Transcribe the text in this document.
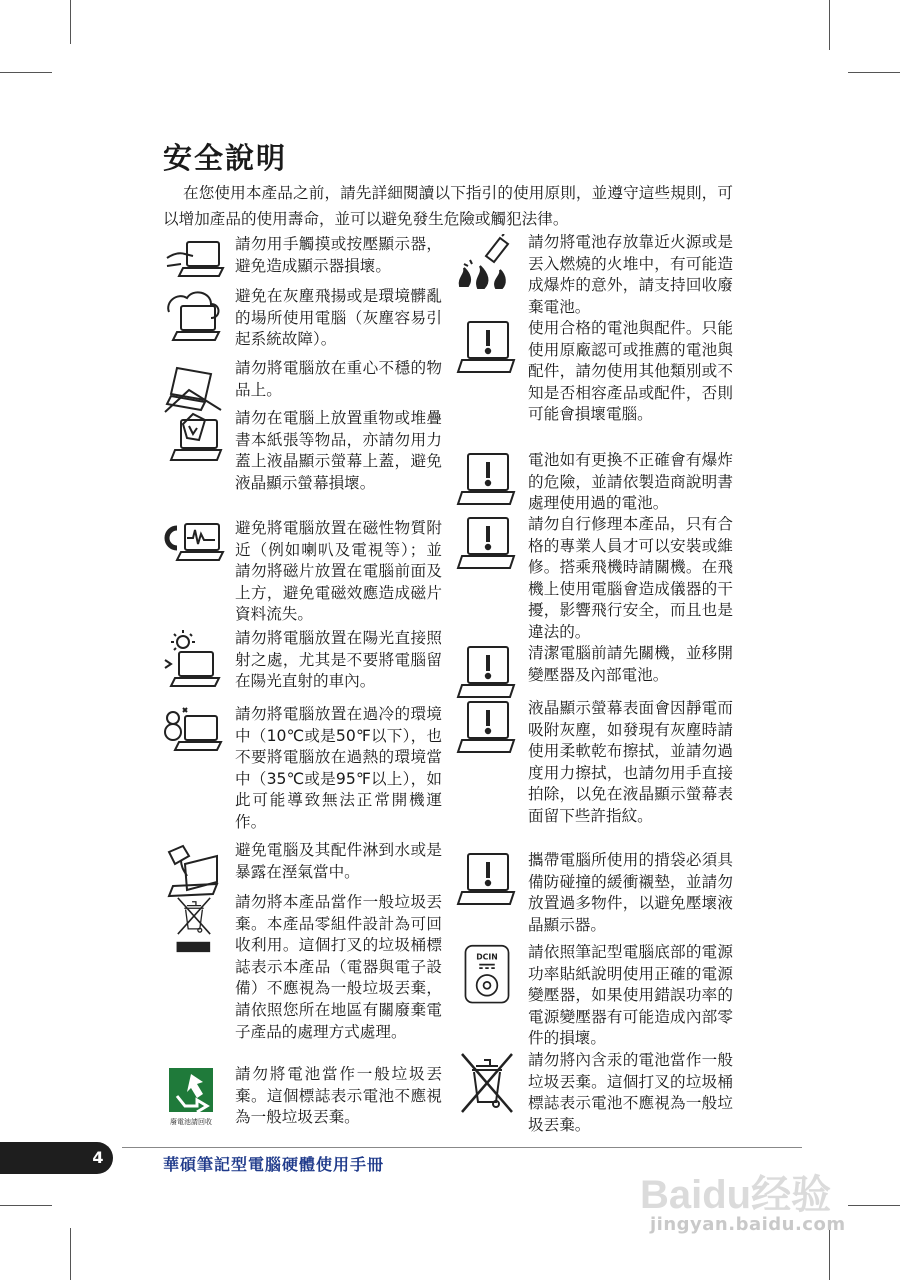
安全說明

在您使用本產品之前，請先詳細閱讀以下指引的使用原則，並遵守這些規則，可以增加產品的使用壽命，並可以避免發生危險或觸犯法律。

請勿用手觸摸或按壓顯示器，避免造成顯示器損壞。
避免在灰塵飛揚或是環境髒亂的場所使用電腦（灰塵容易引起系統故障）。
請勿將電腦放在重心不穩的物品上。
請勿在電腦上放置重物或堆疊書本紙張等物品，亦請勿用力蓋上液晶顯示螢幕上蓋，避免液晶顯示螢幕損壞。
避免將電腦放置在磁性物質附近（例如喇叭及電視等）；並請勿將磁片放置在電腦前面及上方，避免電磁效應造成磁片資料流失。
請勿將電腦放置在陽光直接照射之處，尤其是不要將電腦留在陽光直射的車內。
請勿將電腦放置在過冷的環境中（10℃或是50℉以下），也不要將電腦放在過熱的環境當中（35℃或是95℉以上），如此可能導致無法正常開機運作。
避免電腦及其配件淋到水或是暴露在溼氣當中。
請勿將本產品當作一般垃圾丟棄。本產品零組件設計為可回收利用。這個打叉的垃圾桶標誌表示本產品（電器與電子設備）不應視為一般垃圾丟棄，請依照您所在地區有關廢棄電子產品的處理方式處理。
廢電池請回收
請勿將電池當作一般垃圾丟棄。這個標誌表示電池不應視為一般垃圾丟棄。
請勿將電池存放靠近火源或是丟入燃燒的火堆中，有可能造成爆炸的意外，請支持回收廢棄電池。
使用合格的電池與配件。只能使用原廠認可或推薦的電池與配件，請勿使用其他類別或不知是否相容產品或配件，否則可能會損壞電腦。
電池如有更換不正確會有爆炸的危險，並請依製造商說明書處理使用過的電池。
請勿自行修理本產品，只有合格的專業人員才可以安裝或維修。搭乘飛機時請關機。在飛機上使用電腦會造成儀器的干擾，影響飛行安全，而且也是違法的。
清潔電腦前請先關機，並移開變壓器及內部電池。
液晶顯示螢幕表面會因靜電而吸附灰塵，如發現有灰塵時請使用柔軟乾布擦拭，並請勿過度用力擦拭，也請勿用手直接拍除，以免在液晶顯示螢幕表面留下些許指紋。
攜帶電腦所使用的揹袋必須具備防碰撞的緩衝襯墊，並請勿放置過多物件，以避免壓壞液晶顯示器。
DCIN 請依照筆記型電腦底部的電源功率貼紙說明使用正確的電源變壓器，如果使用錯誤功率的電源變壓器有可能造成內部零件的損壞。
請勿將內含汞的電池當作一般垃圾丟棄。這個打叉的垃圾桶標誌表示電池不應視為一般垃圾丟棄。
4	華碩筆記型電腦硬體使用手冊
Baidu经验
jingyan.baidu.com
